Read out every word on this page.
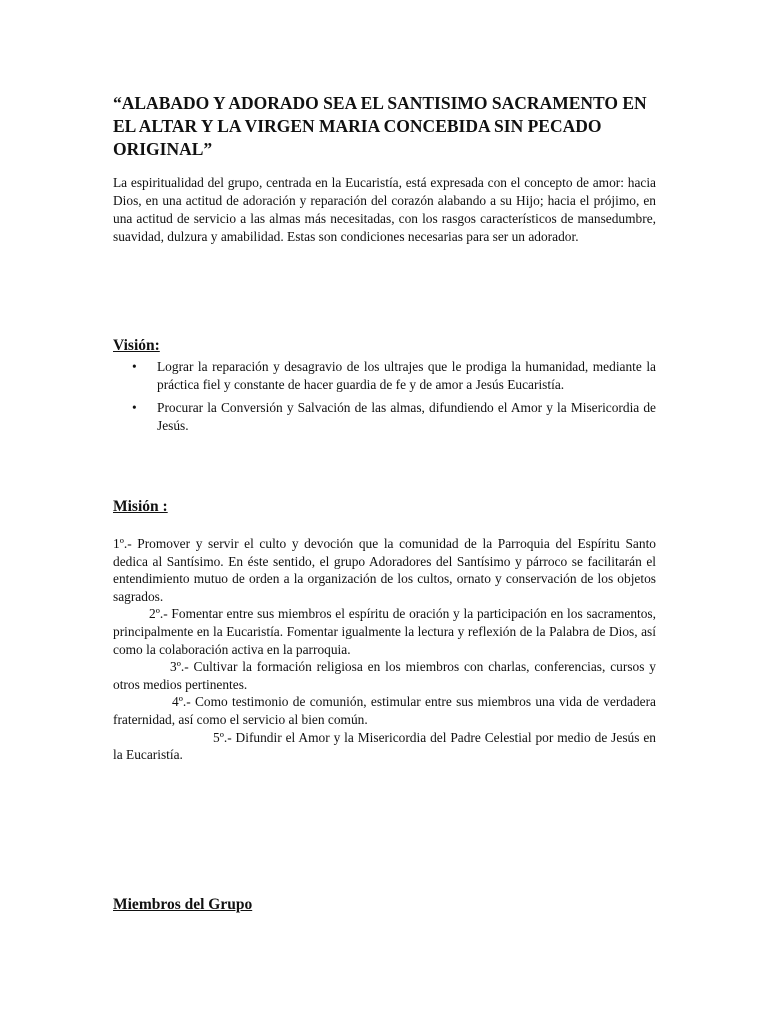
“ALABADO Y ADORADO SEA EL SANTISIMO SACRAMENTO EN EL ALTAR Y LA VIRGEN MARIA CONCEBIDA SIN PECADO ORIGINAL”

La espiritualidad del grupo, centrada en la Eucaristía, está expresada con el concepto de amor: hacia Dios, en una actitud de adoración y reparación del corazón alabando a su Hijo; hacia el prójimo, en una actitud de servicio a las almas más necesitadas, con los rasgos característicos de mansedumbre, suavidad, dulzura y amabilidad. Estas son condiciones necesarias para ser un adorador.

Visión:
• Lograr la reparación y desagravio de los ultrajes que le prodiga la humanidad, mediante la práctica fiel y constante de hacer guardia de fe y de amor a Jesús Eucaristía.
• Procurar la Conversión y Salvación de las almas, difundiendo el Amor y la Misericordia de Jesús.
Misión :

1º.- Promover y servir el culto y devoción que la comunidad de la Parroquia del Espíritu Santo dedica al Santísimo. En éste sentido, el grupo Adoradores del Santísimo y párroco se facilitarán el entendimiento mutuo de orden a la organización de los cultos, ornato y conservación de los objetos sagrados.

2º.- Fomentar entre sus miembros el espíritu de oración y la participación en los sacramentos, principalmente en la Eucaristía. Fomentar igualmente la lectura y reflexión de la Palabra de Dios, así como la colaboración activa en la parroquia.

3º.- Cultivar la formación religiosa en los miembros con charlas, conferencias, cursos y otros medios pertinentes.

4º.- Como testimonio de comunión, estimular entre sus miembros una vida de verdadera fraternidad, así como el servicio al bien común.

5º.- Difundir el Amor y la Misericordia del Padre Celestial por medio de Jesús en la Eucaristía.

Miembros del Grupo
